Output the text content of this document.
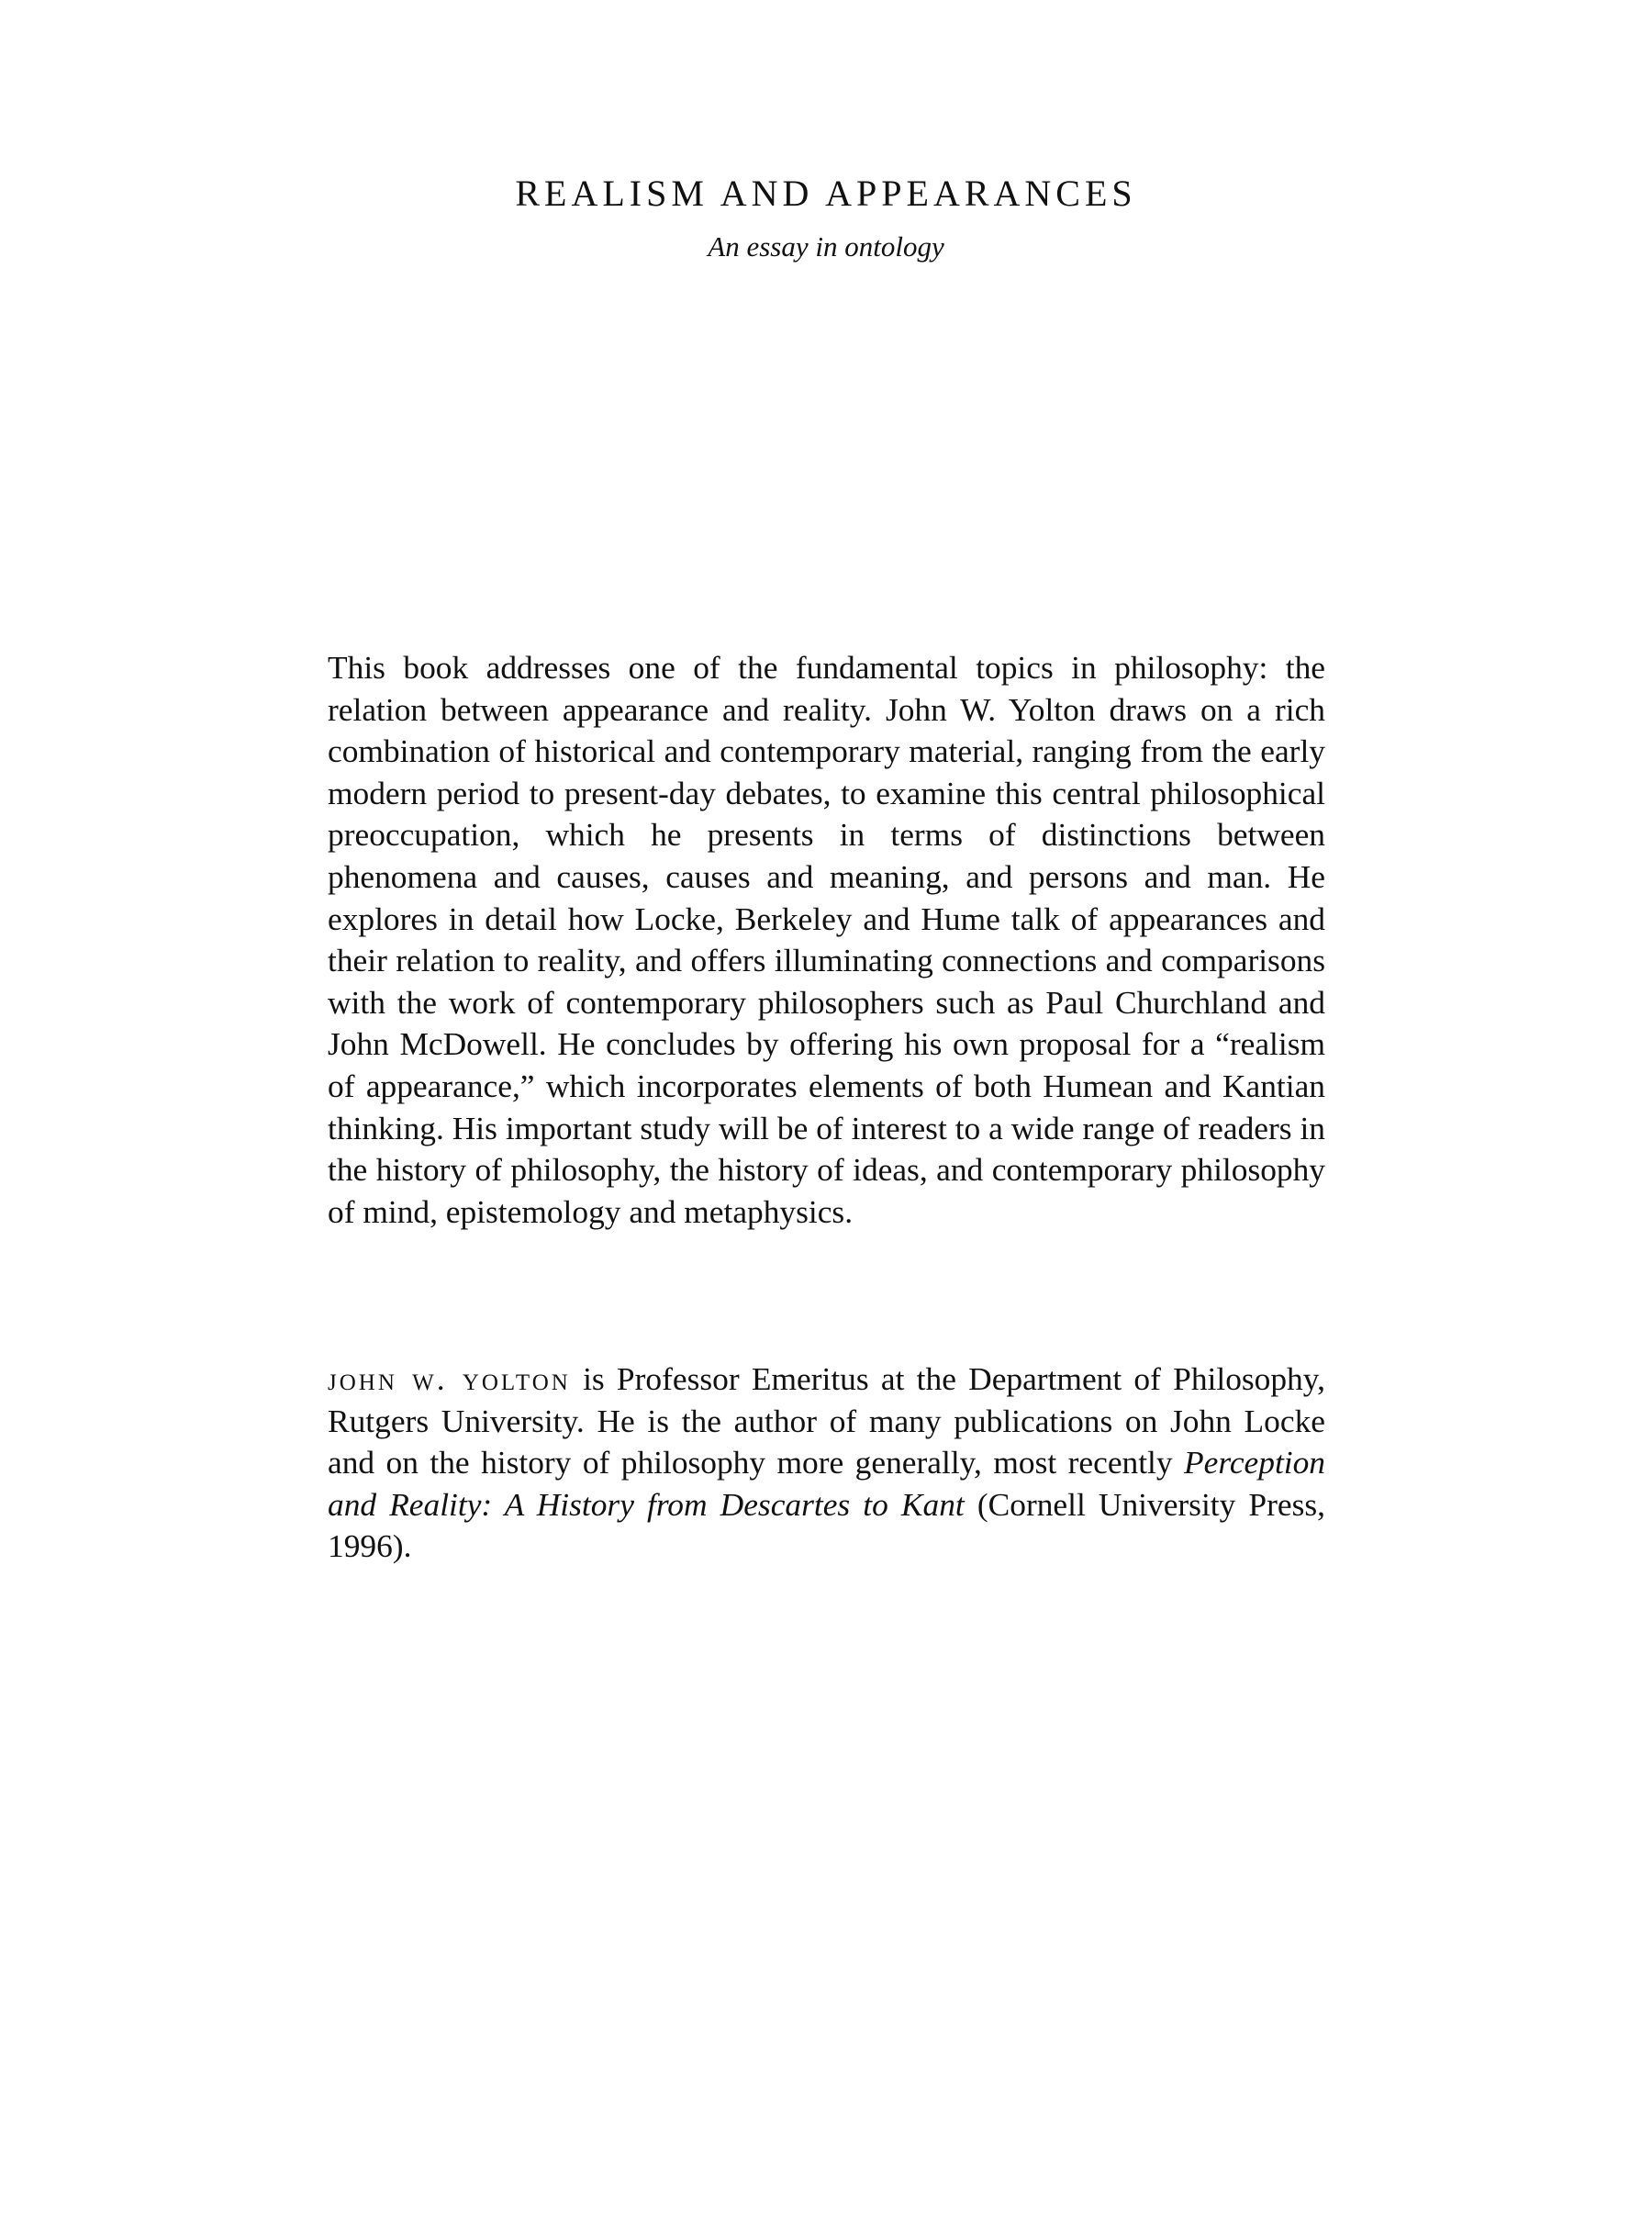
REALISM AND APPEARANCES

An essay in ontology

This book addresses one of the fundamental topics in philosophy: the relation between appearance and reality. John W. Yolton draws on a rich combination of historical and contemporary material, ranging from the early modern period to present-day debates, to examine this central philosophical preoccupation, which he presents in terms of distinctions between phenomena and causes, causes and meaning, and persons and man. He explores in detail how Locke, Berkeley and Hume talk of appearances and their relation to reality, and offers illuminating connections and comparisons with the work of contemporary philosophers such as Paul Churchland and John McDowell. He concludes by offering his own proposal for a “realism of appearance,” which incorporates elements of both Humean and Kantian thinking. His important study will be of interest to a wide range of readers in the history of philosophy, the history of ideas, and contemporary philosophy of mind, epistemology and metaphysics.

john w. yolton is Professor Emeritus at the Department of Philosophy, Rutgers University. He is the author of many publications on John Locke and on the history of philosophy more generally, most recently Perception and Reality: A History from Descartes to Kant (Cornell University Press, 1996).
